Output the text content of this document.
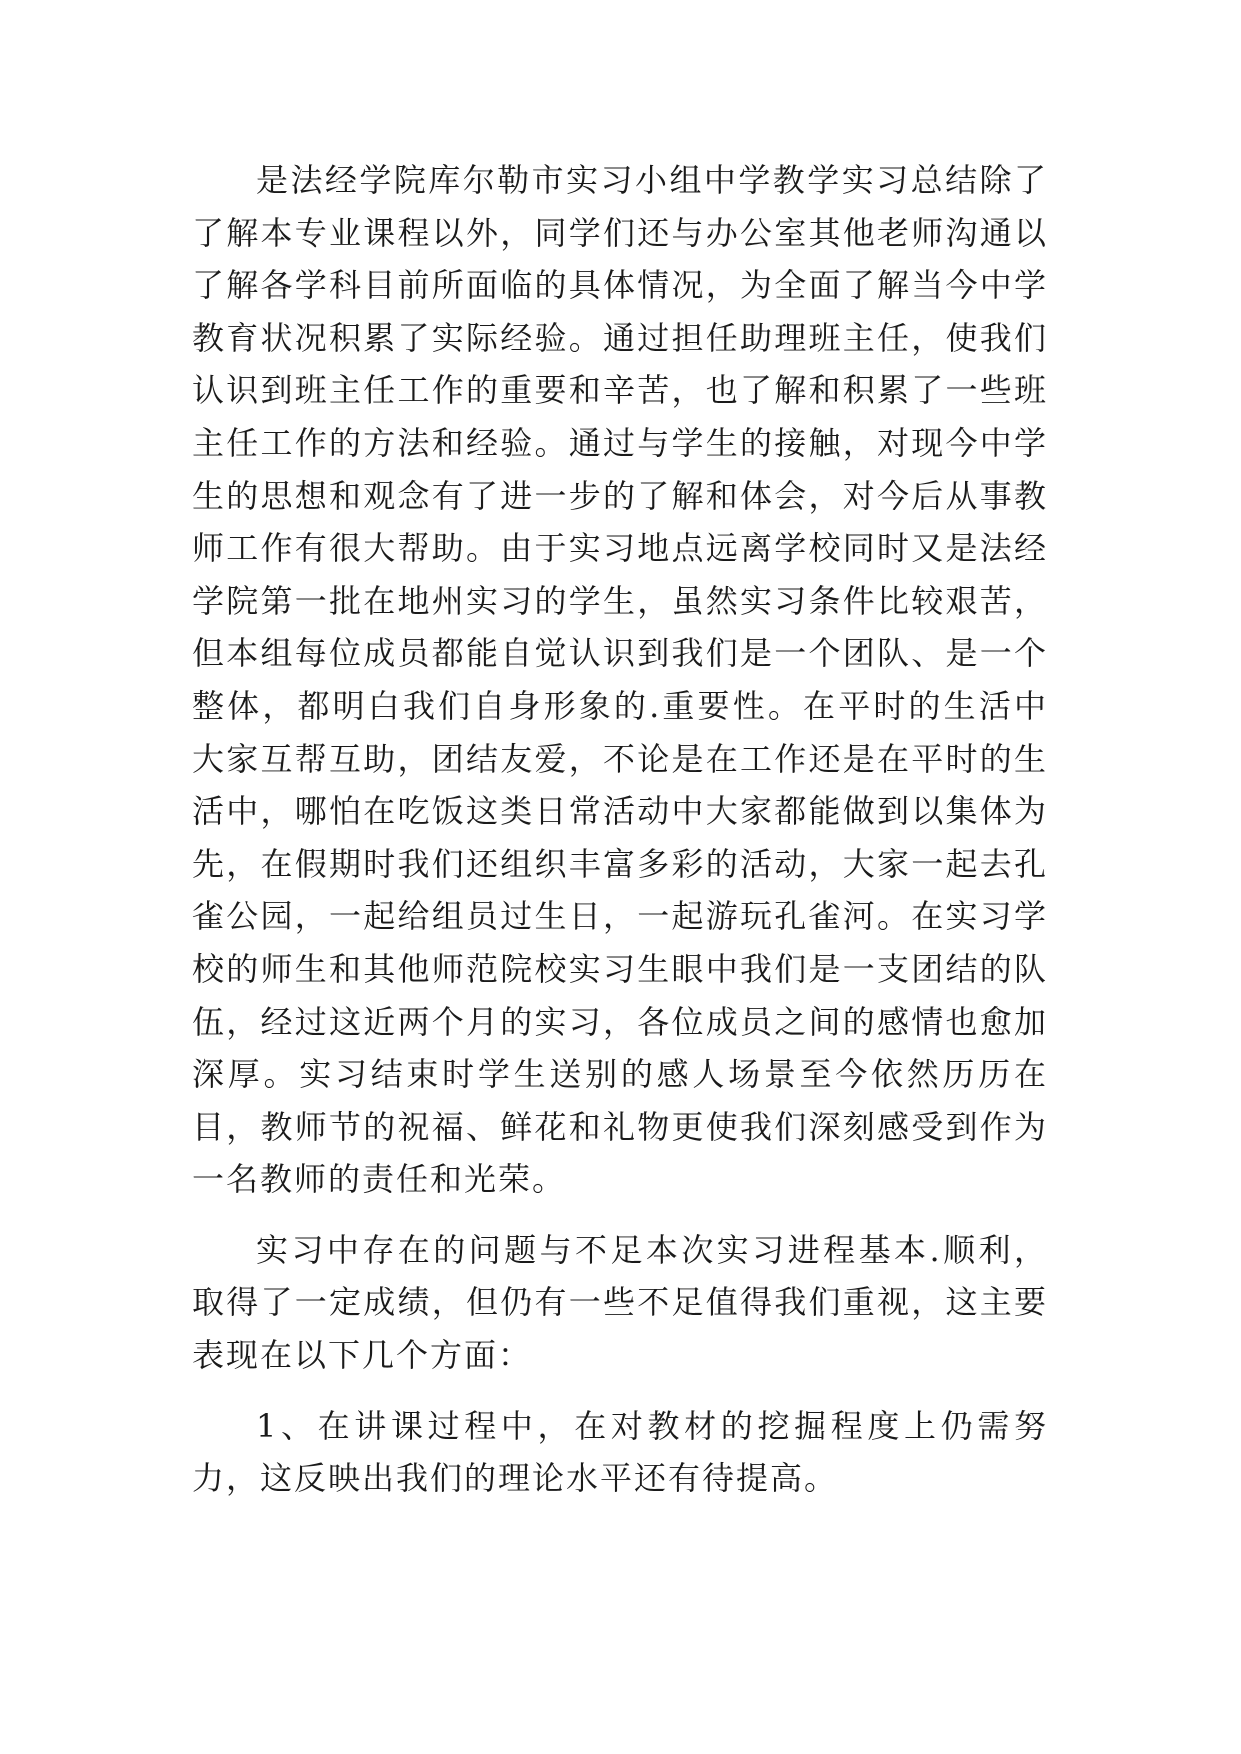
是法经学院库尔勒市实习小组中学教学实习总结除了了解本专业课程以外，同学们还与办公室其他老师沟通以了解各学科目前所面临的具体情况，为全面了解当今中学教育状况积累了实际经验。通过担任助理班主任，使我们认识到班主任工作的重要和辛苦，也了解和积累了一些班主任工作的方法和经验。通过与学生的接触，对现今中学生的思想和观念有了进一步的了解和体会，对今后从事教师工作有很大帮助。由于实习地点远离学校同时又是法经学院第一批在地州实习的学生，虽然实习条件比较艰苦，但本组每位成员都能自觉认识到我们是一个团队、是一个整体，都明白我们自身形象的.重要性。在平时的生活中大家互帮互助，团结友爱，不论是在工作还是在平时的生活中，哪怕在吃饭这类日常活动中大家都能做到以集体为先，在假期时我们还组织丰富多彩的活动，大家一起去孔雀公园，一起给组员过生日，一起游玩孔雀河。在实习学校的师生和其他师范院校实习生眼中我们是一支团结的队伍，经过这近两个月的实习，各位成员之间的感情也愈加深厚。实习结束时学生送别的感人场景至今依然历历在目，教师节的祝福、鲜花和礼物更使我们深刻感受到作为一名教师的责任和光荣。

实习中存在的问题与不足本次实习进程基本.顺利，取得了一定成绩，但仍有一些不足值得我们重视，这主要表现在以下几个方面：

1、在讲课过程中，在对教材的挖掘程度上仍需努力，这反映出我们的理论水平还有待提高。
